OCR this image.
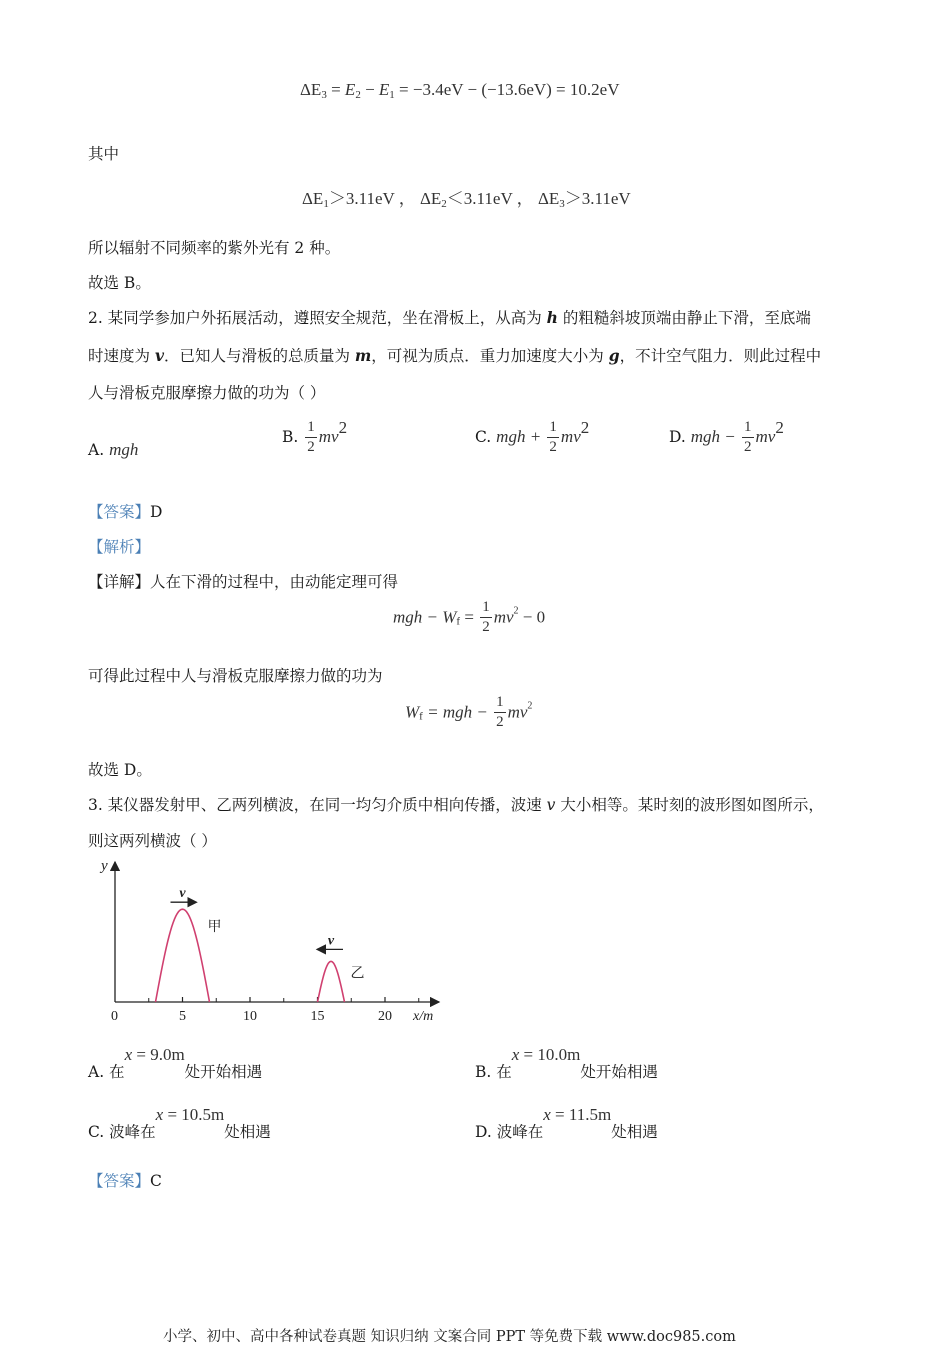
$\Delta E_3 = E_2 - E_1 = -3.4eV - (-13.6eV) = 10.2eV$
其中
$\Delta E_1>3.11eV$ ， $\Delta E_2<3.11eV$ ， $\Delta E_3>3.11eV$
所以辐射不同频率的紫外光有 2 种。
故选 B。
2. 某同学参加户外拓展活动，遵照安全规范，坐在滑板上，从高为 h 的粗糙斜坡顶端由静止下滑，至底端
时速度为 v．已知人与滑板的总质量为 m，可视为质点．重力加速度大小为 g，不计空气阻力．则此过程中
人与滑板克服摩擦力做的功为（ ）
A. mgh
B. $\frac{1}{2} mv^2$	C. mgh + $\frac{1}{2} mv^2$	D. mgh − $\frac{1}{2} mv^2$
【答案】D
【解析】
【详解】人在下滑的过程中，由动能定理可得
mgh − $W_f = \frac{1}{2} mv^2 - 0$
可得此过程中人与滑板克服摩擦力做的功为
$W_f$ = mgh − $\frac{1}{2} mv^2$
故选 D。
3. 某仪器发射甲、乙两列横波，在同一均匀介质中相向传播，波速 v 大小相等。某时刻的波形图如图所示，
则这两列横波（ ）
y
x/m
0	5	10	15	20
甲
乙
v
v
A. 在x = 9.0m处开始相遇	B. 在x = 10.0m处开始相遇
C. 波峰在x = 10.5m处相遇	D. 波峰在x = 11.5m处相遇
【答案】C
小学、初中、高中各种试卷真题 知识归纳 文案合同 PPT 等免费下载 www.doc985.com
